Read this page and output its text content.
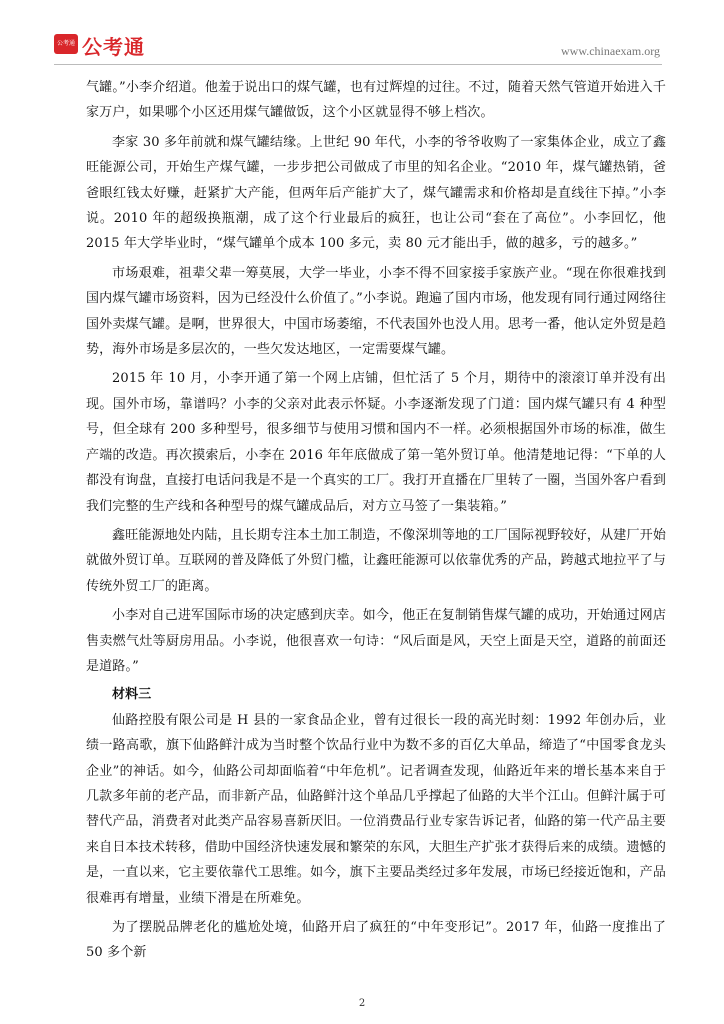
公考通 公考通	www.chinaexam.org

气罐。”小李介绍道。他羞于说出口的煤气罐，也有过辉煌的过往。不过，随着天然气管道开始进入千家万户，如果哪个小区还用煤气罐做饭，这个小区就显得不够上档次。

李家 30 多年前就和煤气罐结缘。上世纪 90 年代，小李的爷爷收购了一家集体企业，成立了鑫旺能源公司，开始生产煤气罐，一步步把公司做成了市里的知名企业。“2010 年，煤气罐热销，爸爸眼红钱太好赚，赶紧扩大产能，但两年后产能扩大了，煤气罐需求和价格却是直线往下掉。”小李说。2010 年的超级换瓶潮，成了这个行业最后的疯狂，也让公司“套在了高位”。小李回忆，他 2015 年大学毕业时，“煤气罐单个成本 100 多元，卖 80 元才能出手，做的越多，亏的越多。”

市场艰难，祖辈父辈一筹莫展，大学一毕业，小李不得不回家接手家族产业。“现在你很难找到国内煤气罐市场资料，因为已经没什么价值了。”小李说。跑遍了国内市场，他发现有同行通过网络往国外卖煤气罐。是啊，世界很大，中国市场萎缩，不代表国外也没人用。思考一番，他认定外贸是趋势，海外市场是多层次的，一些欠发达地区，一定需要煤气罐。

2015 年 10 月，小李开通了第一个网上店铺，但忙活了 5 个月，期待中的滚滚订单并没有出现。国外市场，靠谱吗？小李的父亲对此表示怀疑。小李逐渐发现了门道：国内煤气罐只有 4 种型号，但全球有 200 多种型号，很多细节与使用习惯和国内不一样。必须根据国外市场的标准，做生产端的改造。再次摸索后，小李在 2016 年年底做成了第一笔外贸订单。他清楚地记得：“下单的人都没有询盘，直接打电话问我是不是一个真实的工厂。我打开直播在厂里转了一圈，当国外客户看到我们完整的生产线和各种型号的煤气罐成品后，对方立马签了一集装箱。”

鑫旺能源地处内陆，且长期专注本土加工制造，不像深圳等地的工厂国际视野较好，从建厂开始就做外贸订单。互联网的普及降低了外贸门槛，让鑫旺能源可以依靠优秀的产品，跨越式地拉平了与传统外贸工厂的距离。

小李对自己进军国际市场的决定感到庆幸。如今，他正在复制销售煤气罐的成功，开始通过网店售卖燃气灶等厨房用品。小李说，他很喜欢一句诗：“风后面是风，天空上面是天空，道路的前面还是道路。”

材料三

仙路控股有限公司是 H 县的一家食品企业，曾有过很长一段的高光时刻：1992 年创办后，业绩一路高歌，旗下仙路鲜汁成为当时整个饮品行业中为数不多的百亿大单品，缔造了“中国零食龙头企业”的神话。如今，仙路公司却面临着“中年危机”。记者调查发现，仙路近年来的增长基本来自于几款多年前的老产品，而非新产品，仙路鲜汁这个单品几乎撑起了仙路的大半个江山。但鲜汁属于可替代产品，消费者对此类产品容易喜新厌旧。一位消费品行业专家告诉记者，仙路的第一代产品主要来自日本技术转移，借助中国经济快速发展和繁荣的东风，大胆生产扩张才获得后来的成绩。遗憾的是，一直以来，它主要依靠代工思维。如今，旗下主要品类经过多年发展，市场已经接近饱和，产品很难再有增量，业绩下滑是在所难免。

为了摆脱品牌老化的尴尬处境，仙路开启了疯狂的“中年变形记”。2017 年，仙路一度推出了 50 多个新

2
